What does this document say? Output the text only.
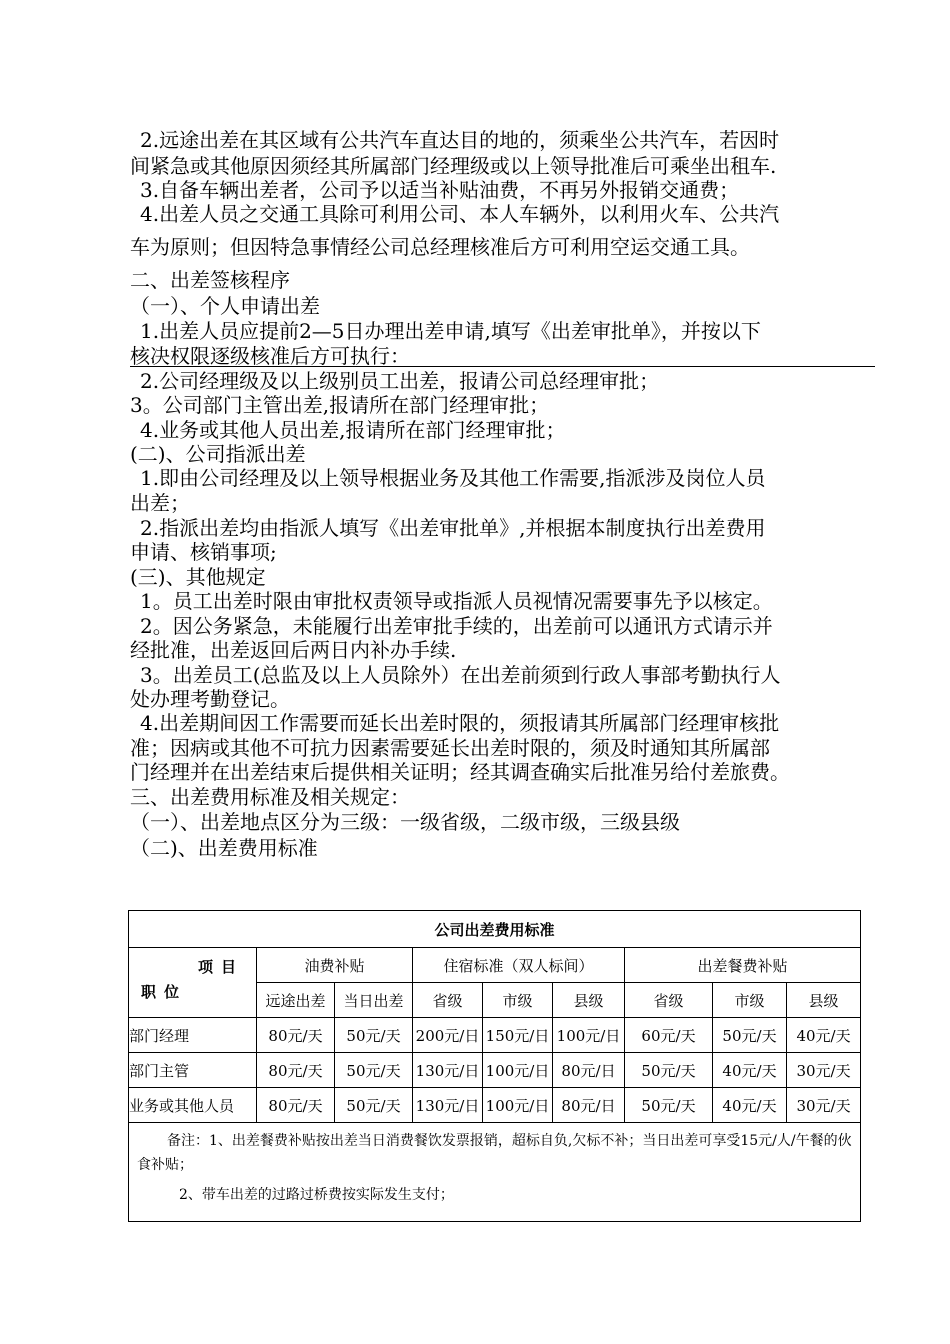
2.远途出差在其区域有公共汽车直达目的地的，须乘坐公共汽车，若因时
间紧急或其他原因须经其所属部门经理级或以上领导批准后可乘坐出租车.
3.自备车辆出差者，公司予以适当补贴油费，不再另外报销交通费；
4.出差人员之交通工具除可利用公司、本人车辆外，以利用火车、公共汽
车为原则；但因特急事情经公司总经理核准后方可利用空运交通工具。
二、出差签核程序
（一）、个人申请出差
1.出差人员应提前2—5日办理出差申请,填写《出差审批单》，并按以下
核决权限逐级核准后方可执行：
2.公司经理级及以上级别员工出差，报请公司总经理审批；
3。公司部门主管出差,报请所在部门经理审批；
4.业务或其他人员出差,报请所在部门经理审批；
(二)、公司指派出差
1.即由公司经理及以上领导根据业务及其他工作需要,指派涉及岗位人员
出差；
2.指派出差均由指派人填写《出差审批单》,并根据本制度执行出差费用
申请、核销事项;
(三)、其他规定
1。员工出差时限由审批权责领导或指派人员视情况需要事先予以核定。
2。因公务紧急，未能履行出差审批手续的，出差前可以通讯方式请示并
经批准，出差返回后两日内补办手续.
3。出差员工(总监及以上人员除外）在出差前须到行政人事部考勤执行人
处办理考勤登记。
4.出差期间因工作需要而延长出差时限的，须报请其所属部门经理审核批
准；因病或其他不可抗力因素需要延长出差时限的，须及时通知其所属部
门经理并在出差结束后提供相关证明；经其调查确实后批准另给付差旅费。
三、出差费用标准及相关规定：
（一）、出差地点区分为三级：一级省级，二级市级，三级县级
（二)、出差费用标准
公司出差费用标准								

项目
职位	油费补贴		住宿标准（双人标间）			出差餐费补贴		
	远途出差	当日出差	省级	市级	县级	省级	市级	县级
部门经理	80元/天	50元/天	200元/日	150元/日	100元/日	60元/天	50元/天	40元/天
部门主管	80元/天	50元/天	130元/日	100元/日	80元/日	50元/天	40元/天	30元/天
业务或其他人员	80元/天	50元/天	130元/日	100元/日	80元/日	50元/天	40元/天	30元/天

备注：1、出差餐费补贴按出差当日消费餐饮发票报销，超标自负,欠标不补；当日出差可享受15元/人/午餐的伙食补贴；

2、带车出差的过路过桥费按实际发生支付；								
